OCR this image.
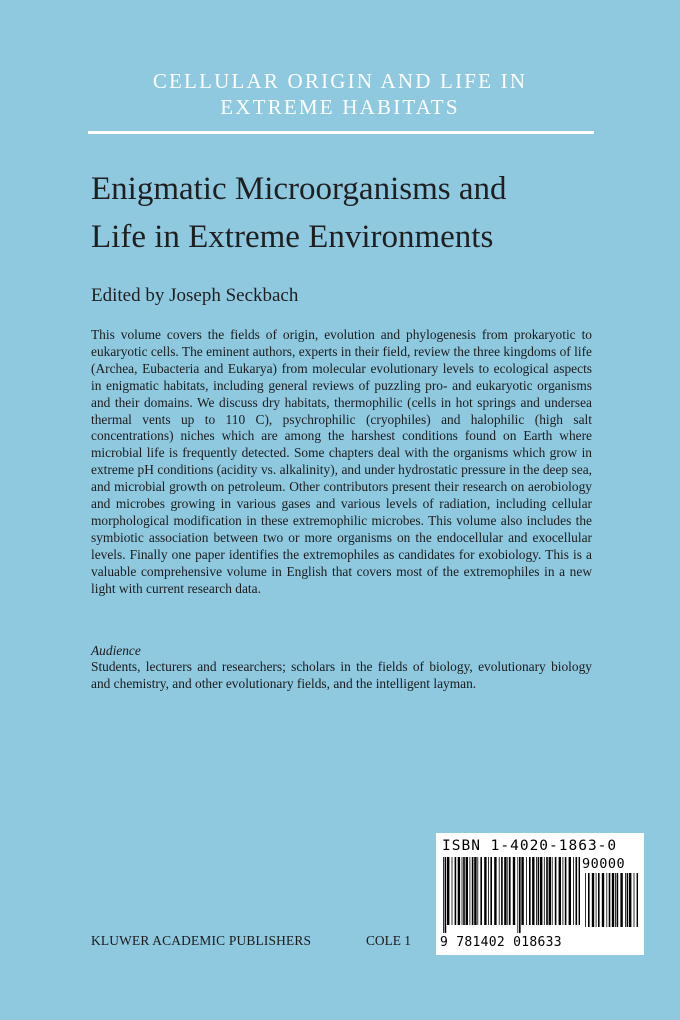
CELLULAR ORIGIN AND LIFE IN
EXTREME HABITATS
Enigmatic Microorganisms and
Life in Extreme Environments
Edited by Joseph Seckbach
This volume covers the fields of origin, evolution and phylogenesis from prokaryotic to eukaryotic cells. The eminent authors, experts in their field, review the three kingdoms of life (Archea, Eubacteria and Eukarya) from molecular evolutionary levels to ecological aspects in enigmatic habitats, including general reviews of puzzling pro- and eukaryotic organisms and their domains. We discuss dry habitats, thermophilic (cells in hot springs and undersea thermal vents up to 110 C), psychrophilic (cryophiles) and halophilic (high salt concentrations) niches which are among the harshest conditions found on Earth where microbial life is frequently detected. Some chapters deal with the organisms which grow in extreme pH conditions (acidity vs. alkalinity), and under hydrostatic pressure in the deep sea, and microbial growth on petroleum. Other contributors present their research on aerobiology and microbes growing in various gases and various levels of radiation, including cellular morphological modification in these extremophilic microbes. This volume also includes the symbiotic association between two or more organisms on the endocellular and exocellular levels. Finally one paper identifies the extremophiles as candidates for exobiology. This is a valuable comprehensive volume in English that covers most of the extremophiles in a new light with current research data.
Audience
Students, lecturers and researchers; scholars in the fields of biology, evolutionary biology and chemistry, and other evolutionary fields, and the intelligent layman.
KLUWER ACADEMIC PUBLISHERS	COLE 1
ISBN 1-4020-1863-0
90000
9 781402 018633
